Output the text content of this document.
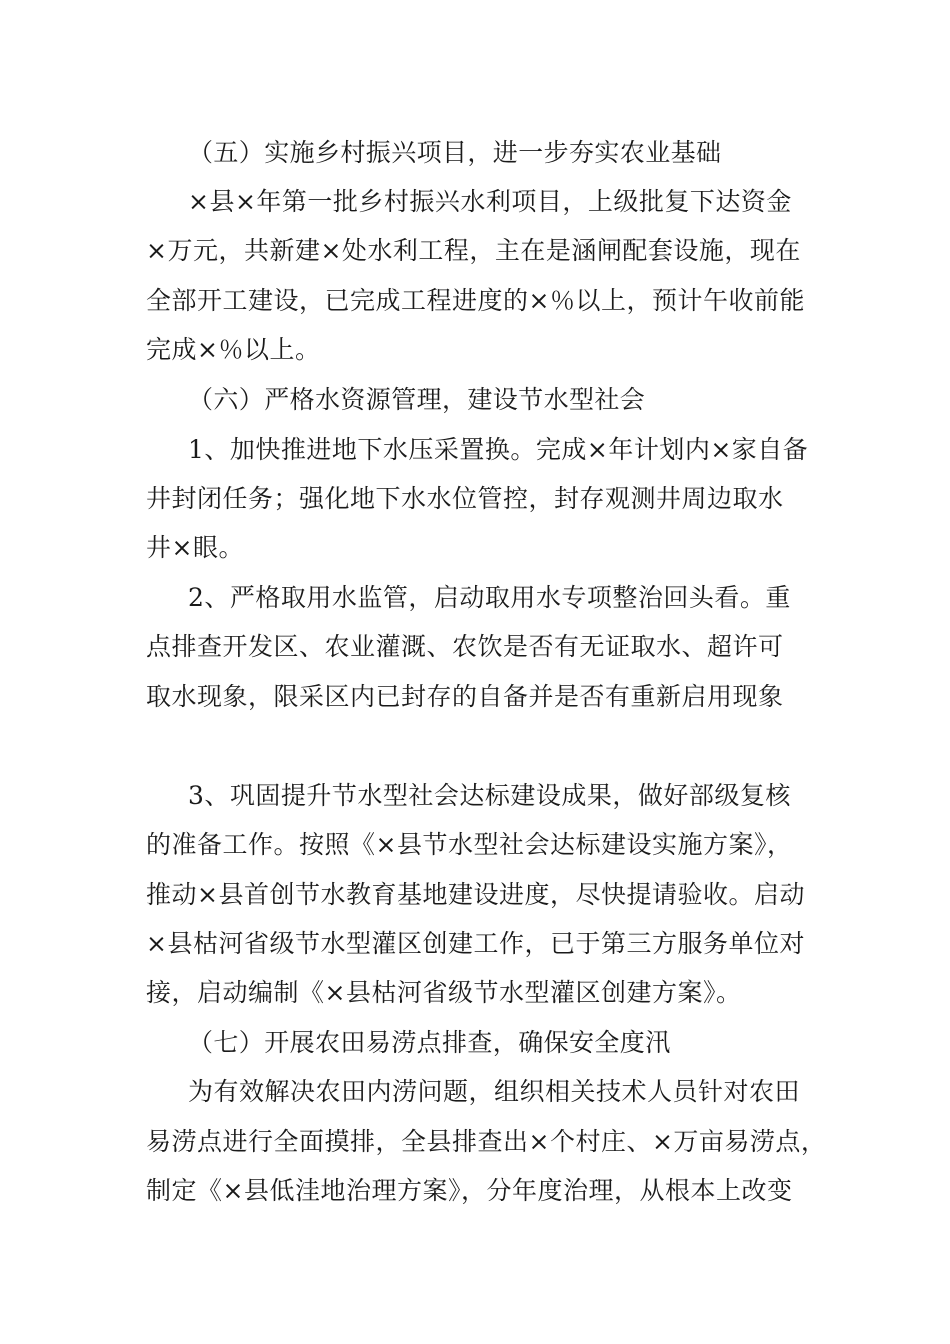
（五）实施乡村振兴项目，进一步夯实农业基础
×县×年第一批乡村振兴水利项目，上级批复下达资金
×万元，共新建×处水利工程，主在是涵闸配套设施，现在
全部开工建设，已完成工程进度的×％以上，预计午收前能
完成×％以上。
（六）严格水资源管理，建设节水型社会
1、加快推进地下水压采置换。完成×年计划内×家自备
井封闭任务；强化地下水水位管控，封存观测井周边取水
井×眼。
2、严格取用水监管，启动取用水专项整治回头看。重
点排查开发区、农业灌溉、农饮是否有无证取水、超许可
取水现象，限采区内已封存的自备并是否有重新启用现象
3、巩固提升节水型社会达标建设成果，做好部级复核
的准备工作。按照《×县节水型社会达标建设实施方案》，
推动×县首创节水教育基地建设进度，尽快提请验收。启动
×县枯河省级节水型灌区创建工作，已于第三方服务单位对
接，启动编制《×县枯河省级节水型灌区创建方案》。
（七）开展农田易涝点排查，确保安全度汛
为有效解决农田内涝问题，组织相关技术人员针对农田
易涝点进行全面摸排，全县排查出×个村庄、×万亩易涝点，
制定《×县低洼地治理方案》，分年度治理，从根本上改变
